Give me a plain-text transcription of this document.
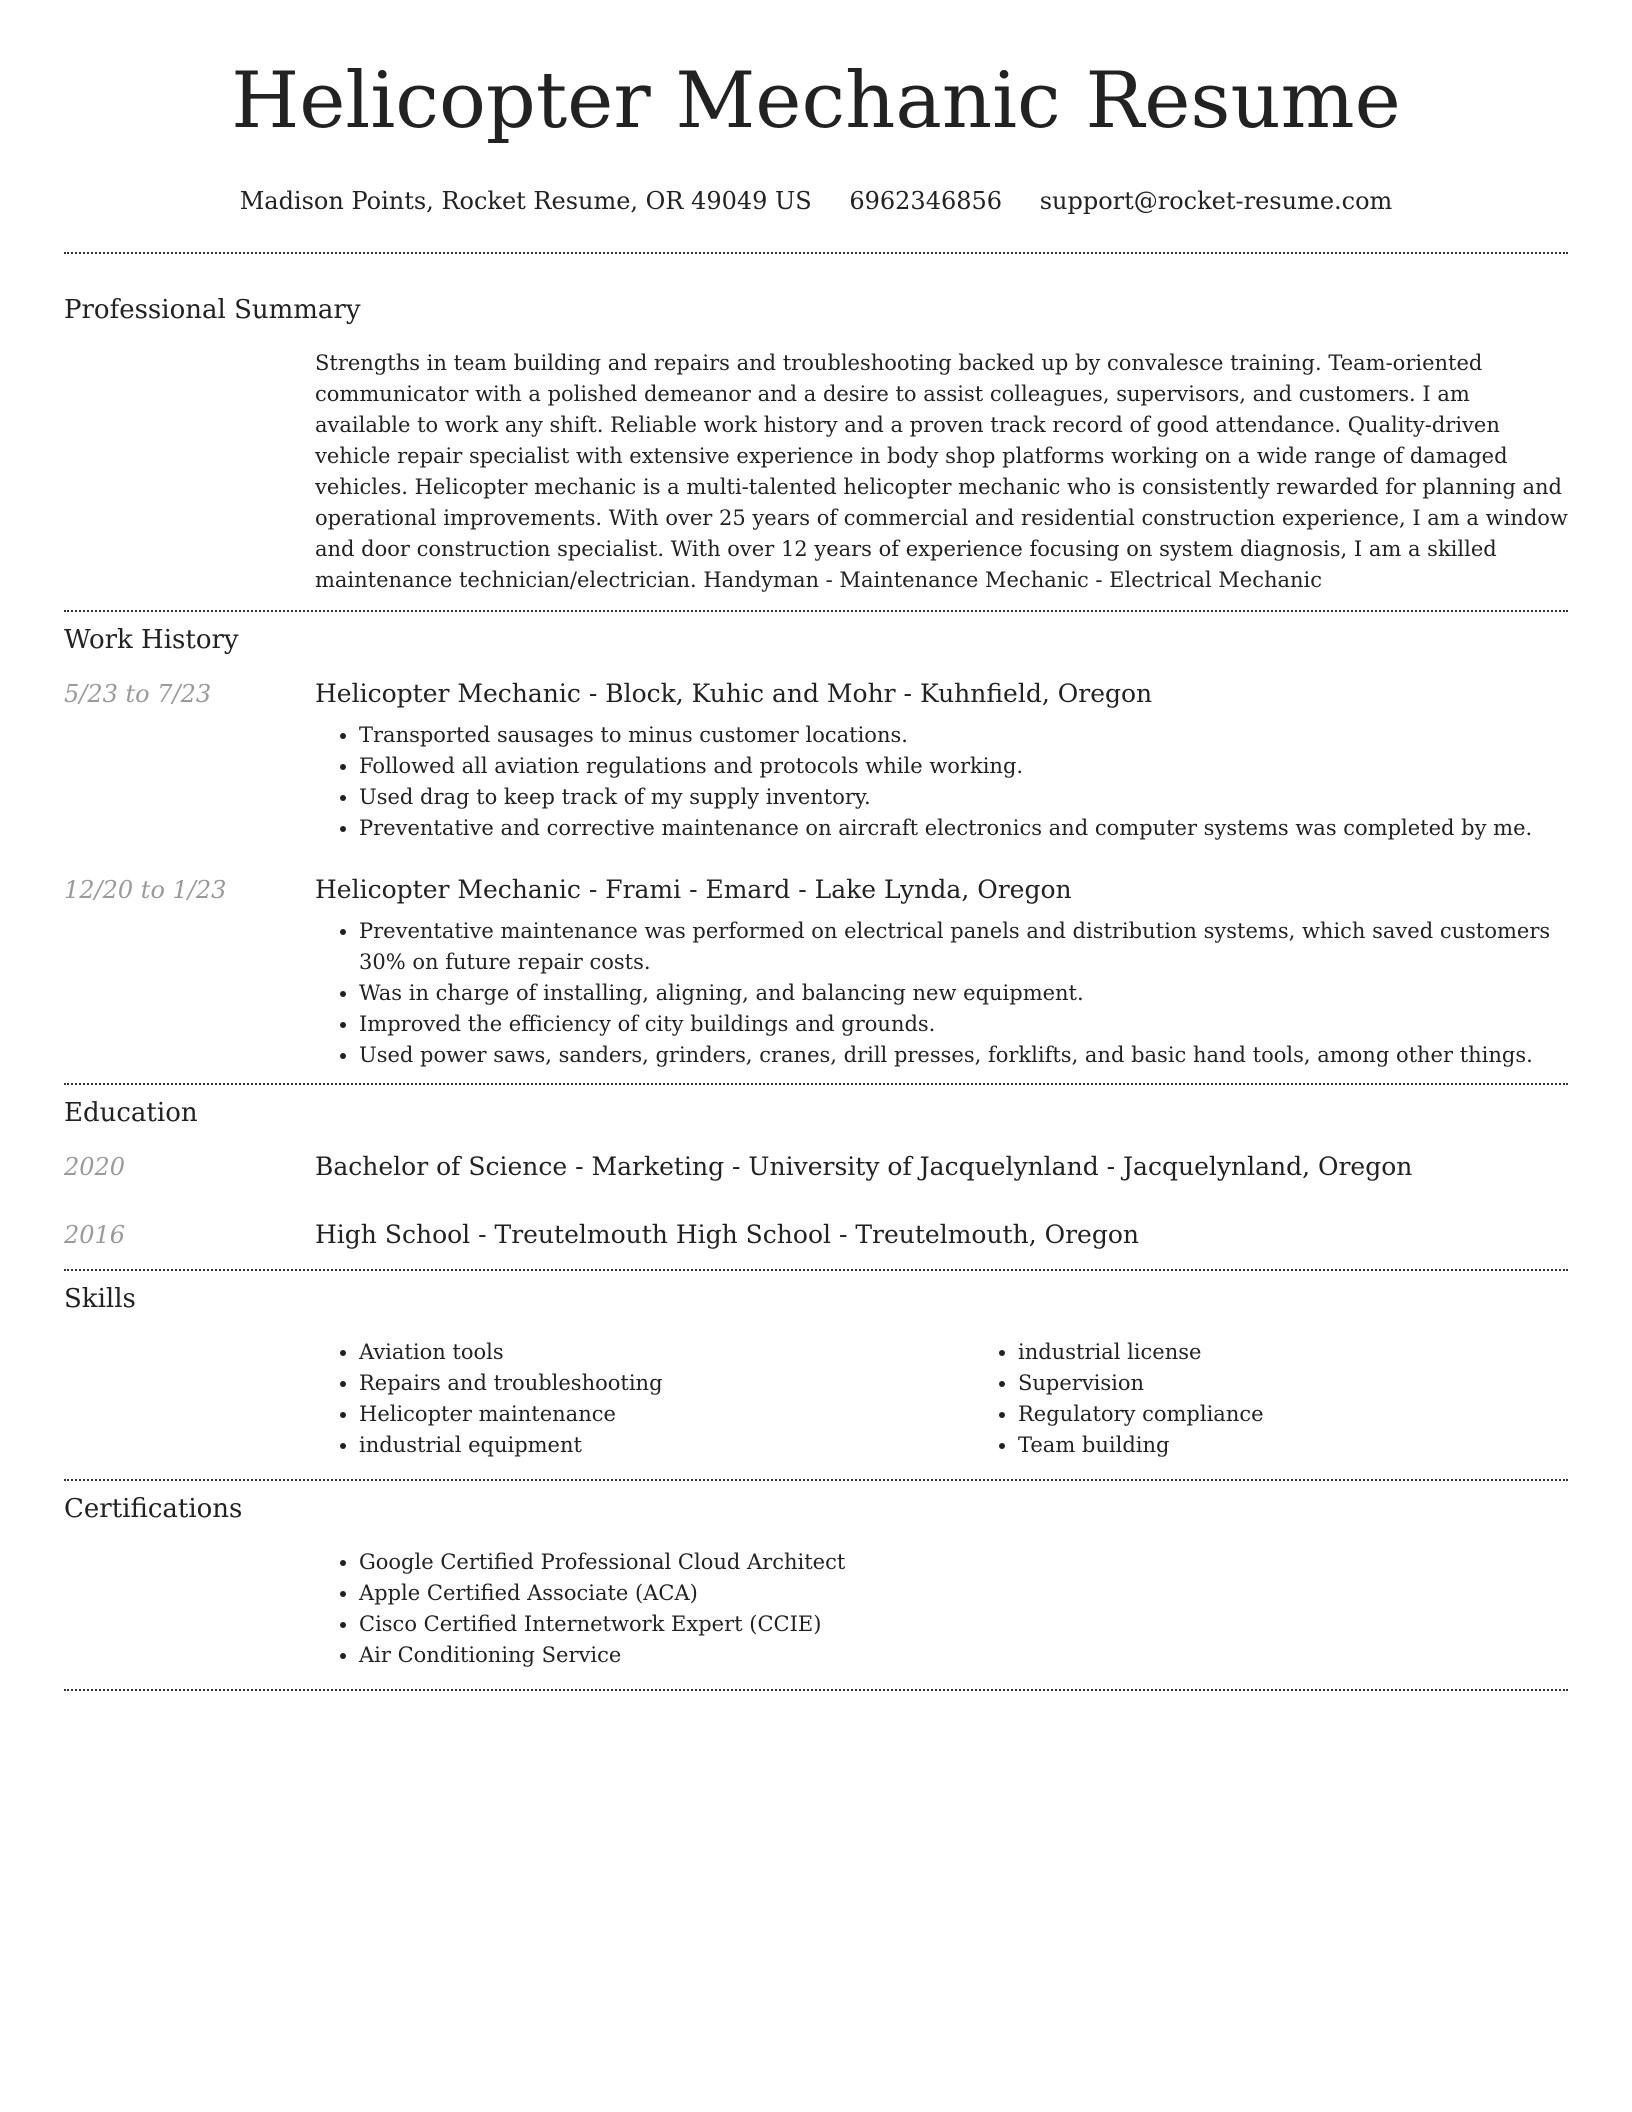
Helicopter Mechanic Resume
Madison Points, Rocket Resume, OR 49049 US 6962346856 support@rocket-resume.com
Professional Summary
Strengths in team building and repairs and troubleshooting backed up by convalesce training. Team-oriented communicator with a polished demeanor and a desire to assist colleagues, supervisors, and customers. I am available to work any shift. Reliable work history and a proven track record of good attendance. Quality-driven vehicle repair specialist with extensive experience in body shop platforms working on a wide range of damaged vehicles. Helicopter mechanic is a multi-talented helicopter mechanic who is consistently rewarded for planning and operational improvements. With over 25 years of commercial and residential construction experience, I am a window and door construction specialist. With over 12 years of experience focusing on system diagnosis, I am a skilled maintenance technician/electrician. Handyman - Maintenance Mechanic - Electrical Mechanic
Work History
5/23 to 7/23	Helicopter Mechanic - Block, Kuhic and Mohr - Kuhnfield, Oregon
• Transported sausages to minus customer locations.
• Followed all aviation regulations and protocols while working.
• Used drag to keep track of my supply inventory.
• Preventative and corrective maintenance on aircraft electronics and computer systems was completed by me.
12/20 to 1/23	Helicopter Mechanic - Frami - Emard - Lake Lynda, Oregon
• Preventative maintenance was performed on electrical panels and distribution systems, which saved customers 30% on future repair costs.
• Was in charge of installing, aligning, and balancing new equipment.
• Improved the efficiency of city buildings and grounds.
• Used power saws, sanders, grinders, cranes, drill presses, forklifts, and basic hand tools, among other things.
Education
2020	Bachelor of Science - Marketing - University of Jacquelynland - Jacquelynland, Oregon
2016	High School - Treutelmouth High School - Treutelmouth, Oregon
Skills
• Aviation tools
• Repairs and troubleshooting
• Helicopter maintenance
• industrial equipment
• industrial license
• Supervision
• Regulatory compliance
• Team building
Certifications
• Google Certified Professional Cloud Architect
• Apple Certified Associate (ACA)
• Cisco Certified Internetwork Expert (CCIE)
• Air Conditioning Service
